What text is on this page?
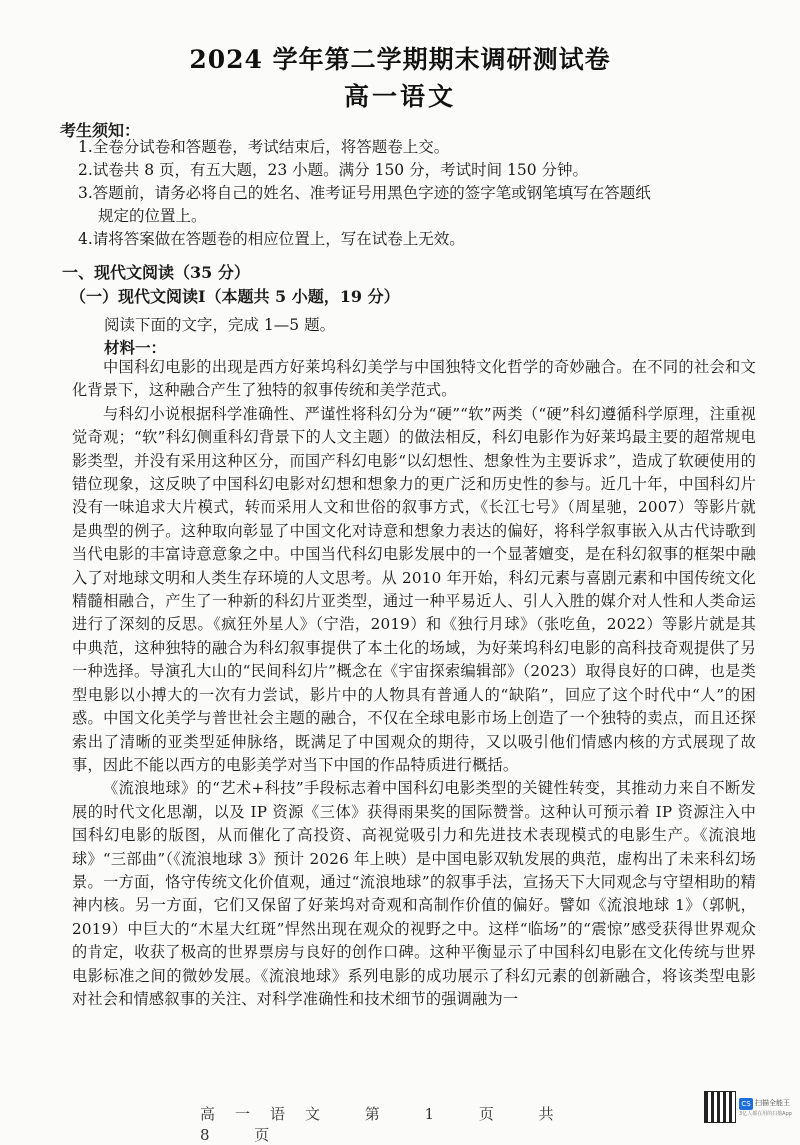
2024 学年第二学期期末调研测试卷
高一语文
考生须知：
1.全卷分试卷和答题卷，考试结束后，将答题卷上交。
2.试卷共 8 页，有五大题，23 小题。满分 150 分，考试时间 150 分钟。
3.答题前，请务必将自己的姓名、准考证号用黑色字迹的签字笔或钢笔填写在答题纸
规定的位置上。
4.请将答案做在答题卷的相应位置上，写在试卷上无效。
一、现代文阅读（35 分）
（一）现代文阅读Ⅰ（本题共 5 小题，19 分）
阅读下面的文字，完成 1—5 题。
材料一：

中国科幻电影的出现是西方好莱坞科幻美学与中国独特文化哲学的奇妙融合。在不同的社会和文化背景下，这种融合产生了独特的叙事传统和美学范式。

与科幻小说根据科学准确性、严谨性将科幻分为“硬”“软”两类（“硬”科幻遵循科学原理，注重视觉奇观；“软”科幻侧重科幻背景下的人文主题）的做法相反，科幻电影作为好莱坞最主要的超常规电影类型，并没有采用这种区分，而国产科幻电影“以幻想性、想象性为主要诉求”，造成了软硬使用的错位现象，这反映了中国科幻电影对幻想和想象力的更广泛和历史性的参与。近几十年，中国科幻片没有一味追求大片模式，转而采用人文和世俗的叙事方式，《长江七号》（周星驰，2007）等影片就是典型的例子。这种取向彰显了中国文化对诗意和想象力表达的偏好，将科学叙事嵌入从古代诗歌到当代电影的丰富诗意意象之中。中国当代科幻电影发展中的一个显著嬗变，是在科幻叙事的框架中融入了对地球文明和人类生存环境的人文思考。从 2010 年开始，科幻元素与喜剧元素和中国传统文化精髓相融合，产生了一种新的科幻片亚类型，通过一种平易近人、引人入胜的媒介对人性和人类命运进行了深刻的反思。《疯狂外星人》（宁浩，2019）和《独行月球》（张吃鱼，2022）等影片就是其中典范，这种独特的融合为科幻叙事提供了本土化的场域，为好莱坞科幻电影的高科技奇观提供了另一种选择。导演孔大山的“民间科幻片”概念在《宇宙探索编辑部》（2023）取得良好的口碑，也是类型电影以小搏大的一次有力尝试，影片中的人物具有普通人的“缺陷”，回应了这个时代中“人”的困惑。中国文化美学与普世社会主题的融合，不仅在全球电影市场上创造了一个独特的卖点，而且还探索出了清晰的亚类型延伸脉络，既满足了中国观众的期待，又以吸引他们情感内核的方式展现了故事，因此不能以西方的电影美学对当下中国的作品特质进行概括。

《流浪地球》的“艺术+科技”手段标志着中国科幻电影类型的关键性转变，其推动力来自不断发展的时代文化思潮，以及 IP 资源《三体》获得雨果奖的国际赞誉。这种认可预示着 IP 资源注入中国科幻电影的版图，从而催化了高投资、高视觉吸引力和先进技术表现模式的电影生产。《流浪地球》“三部曲”（《流浪地球 3》预计 2026 年上映）是中国电影双轨发展的典范，虚构出了未来科幻场景。一方面，恪守传统文化价值观，通过“流浪地球”的叙事手法，宣扬天下大同观念与守望相助的精神内核。另一方面，它们又保留了好莱坞对奇观和高制作价值的偏好。譬如《流浪地球 1》（郭帆，2019）中巨大的“木星大红斑”悍然出现在观众的视野之中。这样“临场”的“震惊”感受获得世界观众的肯定，收获了极高的世界票房与良好的创作口碑。这种平衡显示了中国科幻电影在文化传统与世界电影标准之间的微妙发展。《流浪地球》系列电影的成功展示了科幻元素的创新融合，将该类型电影对社会和情感叙事的关注、对科学准确性和技术细节的强调融为一

高一语文 第 1 页 共 8 页
CS 扫描全能王
3亿人都在用的扫描App
